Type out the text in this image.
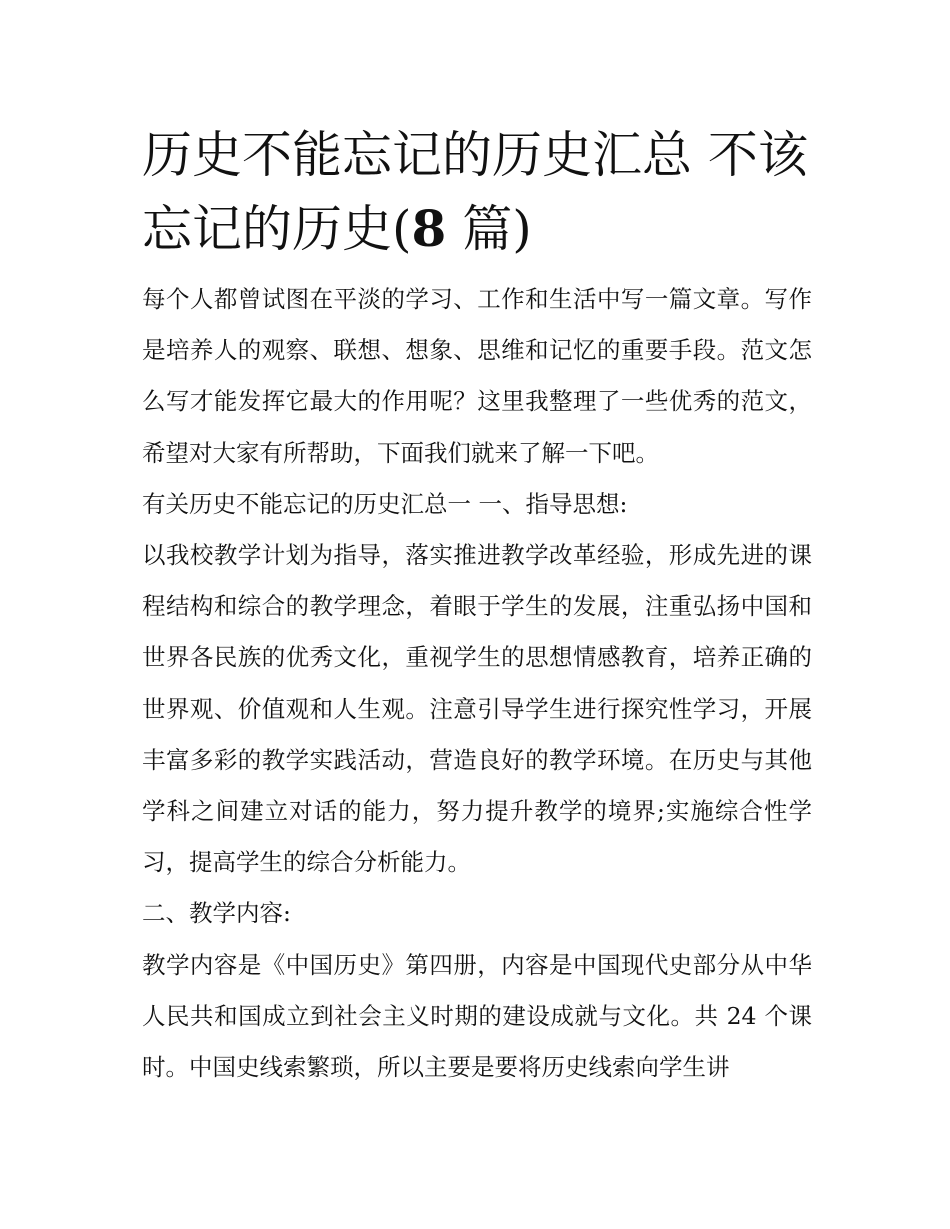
历史不能忘记的历史汇总 不该忘记的历史(8 篇)

每个人都曾试图在平淡的学习、工作和生活中写一篇文章。写作是培养人的观察、联想、想象、思维和记忆的重要手段。范文怎么写才能发挥它最大的作用呢？这里我整理了一些优秀的范文，希望对大家有所帮助，下面我们就来了解一下吧。

有关历史不能忘记的历史汇总一 一、指导思想:

以我校教学计划为指导，落实推进教学改革经验，形成先进的课程结构和综合的教学理念，着眼于学生的发展，注重弘扬中国和世界各民族的优秀文化，重视学生的思想情感教育，培养正确的世界观、价值观和人生观。注意引导学生进行探究性学习，开展丰富多彩的教学实践活动，营造良好的教学环境。在历史与其他学科之间建立对话的能力，努力提升教学的境界;实施综合性学习，提高学生的综合分析能力。

二、教学内容:

教学内容是《中国历史》第四册，内容是中国现代史部分从中华人民共和国成立到社会主义时期的建设成就与文化。共 24 个课时。中国史线索繁琐，所以主要是要将历史线索向学生讲
